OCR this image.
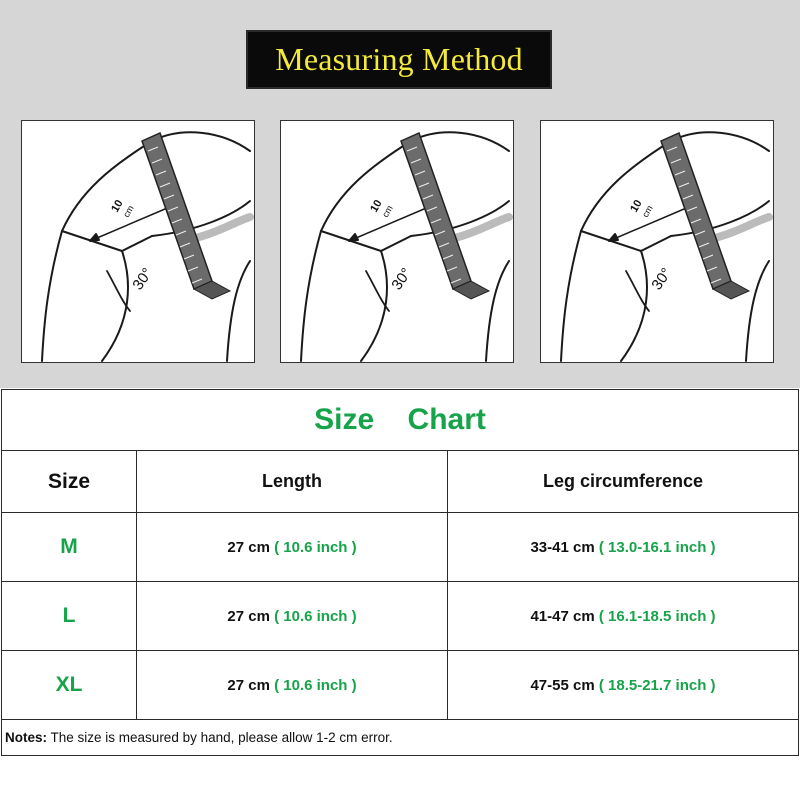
Measuring Method
10
cm
30°
10
cm
30°
10
cm
30°
Size    Chart		
Size	Length	Leg circumference
M	27 cm ( 10.6 inch )	33-41 cm ( 13.0-16.1 inch )
L	27 cm ( 10.6 inch )	41-47 cm ( 16.1-18.5 inch )
XL	27 cm ( 10.6 inch )	47-55 cm ( 18.5-21.7 inch )
Notes: The size is measured by hand, please allow 1-2 cm error.		
